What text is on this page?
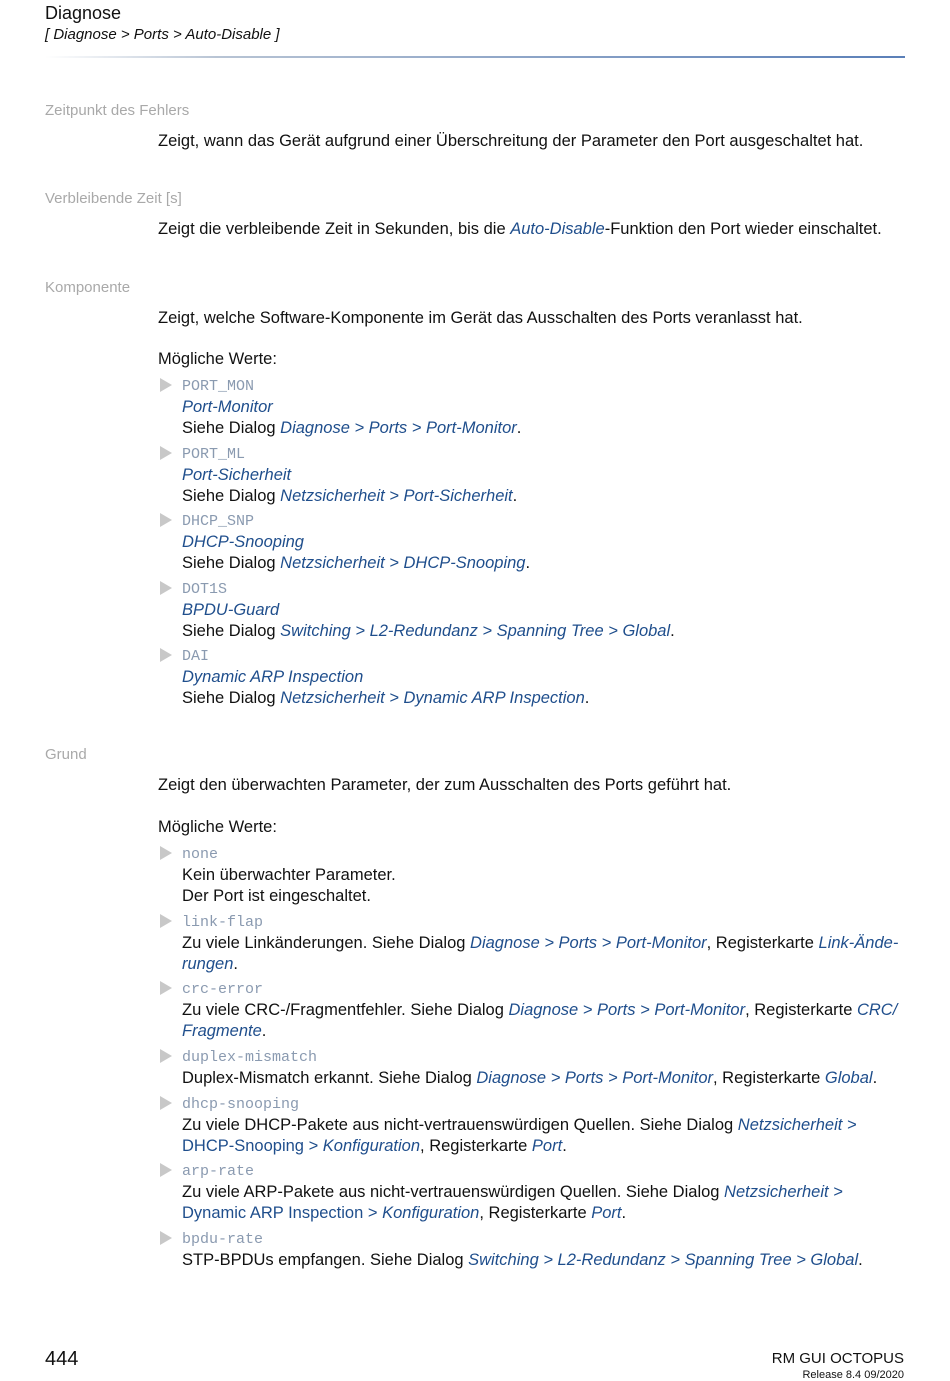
Diagnose
[ Diagnose > Ports > Auto-Disable ]
Zeitpunkt des Fehlers
Zeigt, wann das Gerät aufgrund einer Überschreitung der Parameter den Port ausgeschaltet hat.
Verbleibende Zeit [s]
Zeigt die verbleibende Zeit in Sekunden, bis die Auto-Disable-Funktion den Port wieder einschaltet.
Komponente
Zeigt, welche Software-Komponente im Gerät das Ausschalten des Ports veranlasst hat.
Mögliche Werte:
PORT_MON
Port-Monitor
Siehe Dialog Diagnose > Ports > Port-Monitor.
PORT_ML
Port-Sicherheit
Siehe Dialog Netzsicherheit > Port-Sicherheit.
DHCP_SNP
DHCP-Snooping
Siehe Dialog Netzsicherheit > DHCP-Snooping.
DOT1S
BPDU-Guard
Siehe Dialog Switching > L2-Redundanz > Spanning Tree > Global.
DAI
Dynamic ARP Inspection
Siehe Dialog Netzsicherheit > Dynamic ARP Inspection.
Grund
Zeigt den überwachten Parameter, der zum Ausschalten des Ports geführt hat.
Mögliche Werte:
none
Kein überwachter Parameter.
Der Port ist eingeschaltet.
link-flap
Zu viele Linkänderungen. Siehe Dialog Diagnose > Ports > Port-Monitor, Registerkarte Link-Ände-rungen.
crc-error
Zu viele CRC-/Fragmentfehler. Siehe Dialog Diagnose > Ports > Port-Monitor, Registerkarte CRC/ Fragmente.
duplex-mismatch
Duplex-Mismatch erkannt. Siehe Dialog Diagnose > Ports > Port-Monitor, Registerkarte Global.
dhcp-snooping
Zu viele DHCP-Pakete aus nicht-vertrauenswürdigen Quellen. Siehe Dialog Netzsicherheit >
DHCP-Snooping > Konfiguration, Registerkarte Port.
arp-rate
Zu viele ARP-Pakete aus nicht-vertrauenswürdigen Quellen. Siehe Dialog Netzsicherheit >
Dynamic ARP Inspection > Konfiguration, Registerkarte Port.
bpdu-rate
STP-BPDUs empfangen. Siehe Dialog Switching > L2-Redundanz > Spanning Tree > Global.
444	RM GUI OCTOPUS
Release 8.4 09/2020
